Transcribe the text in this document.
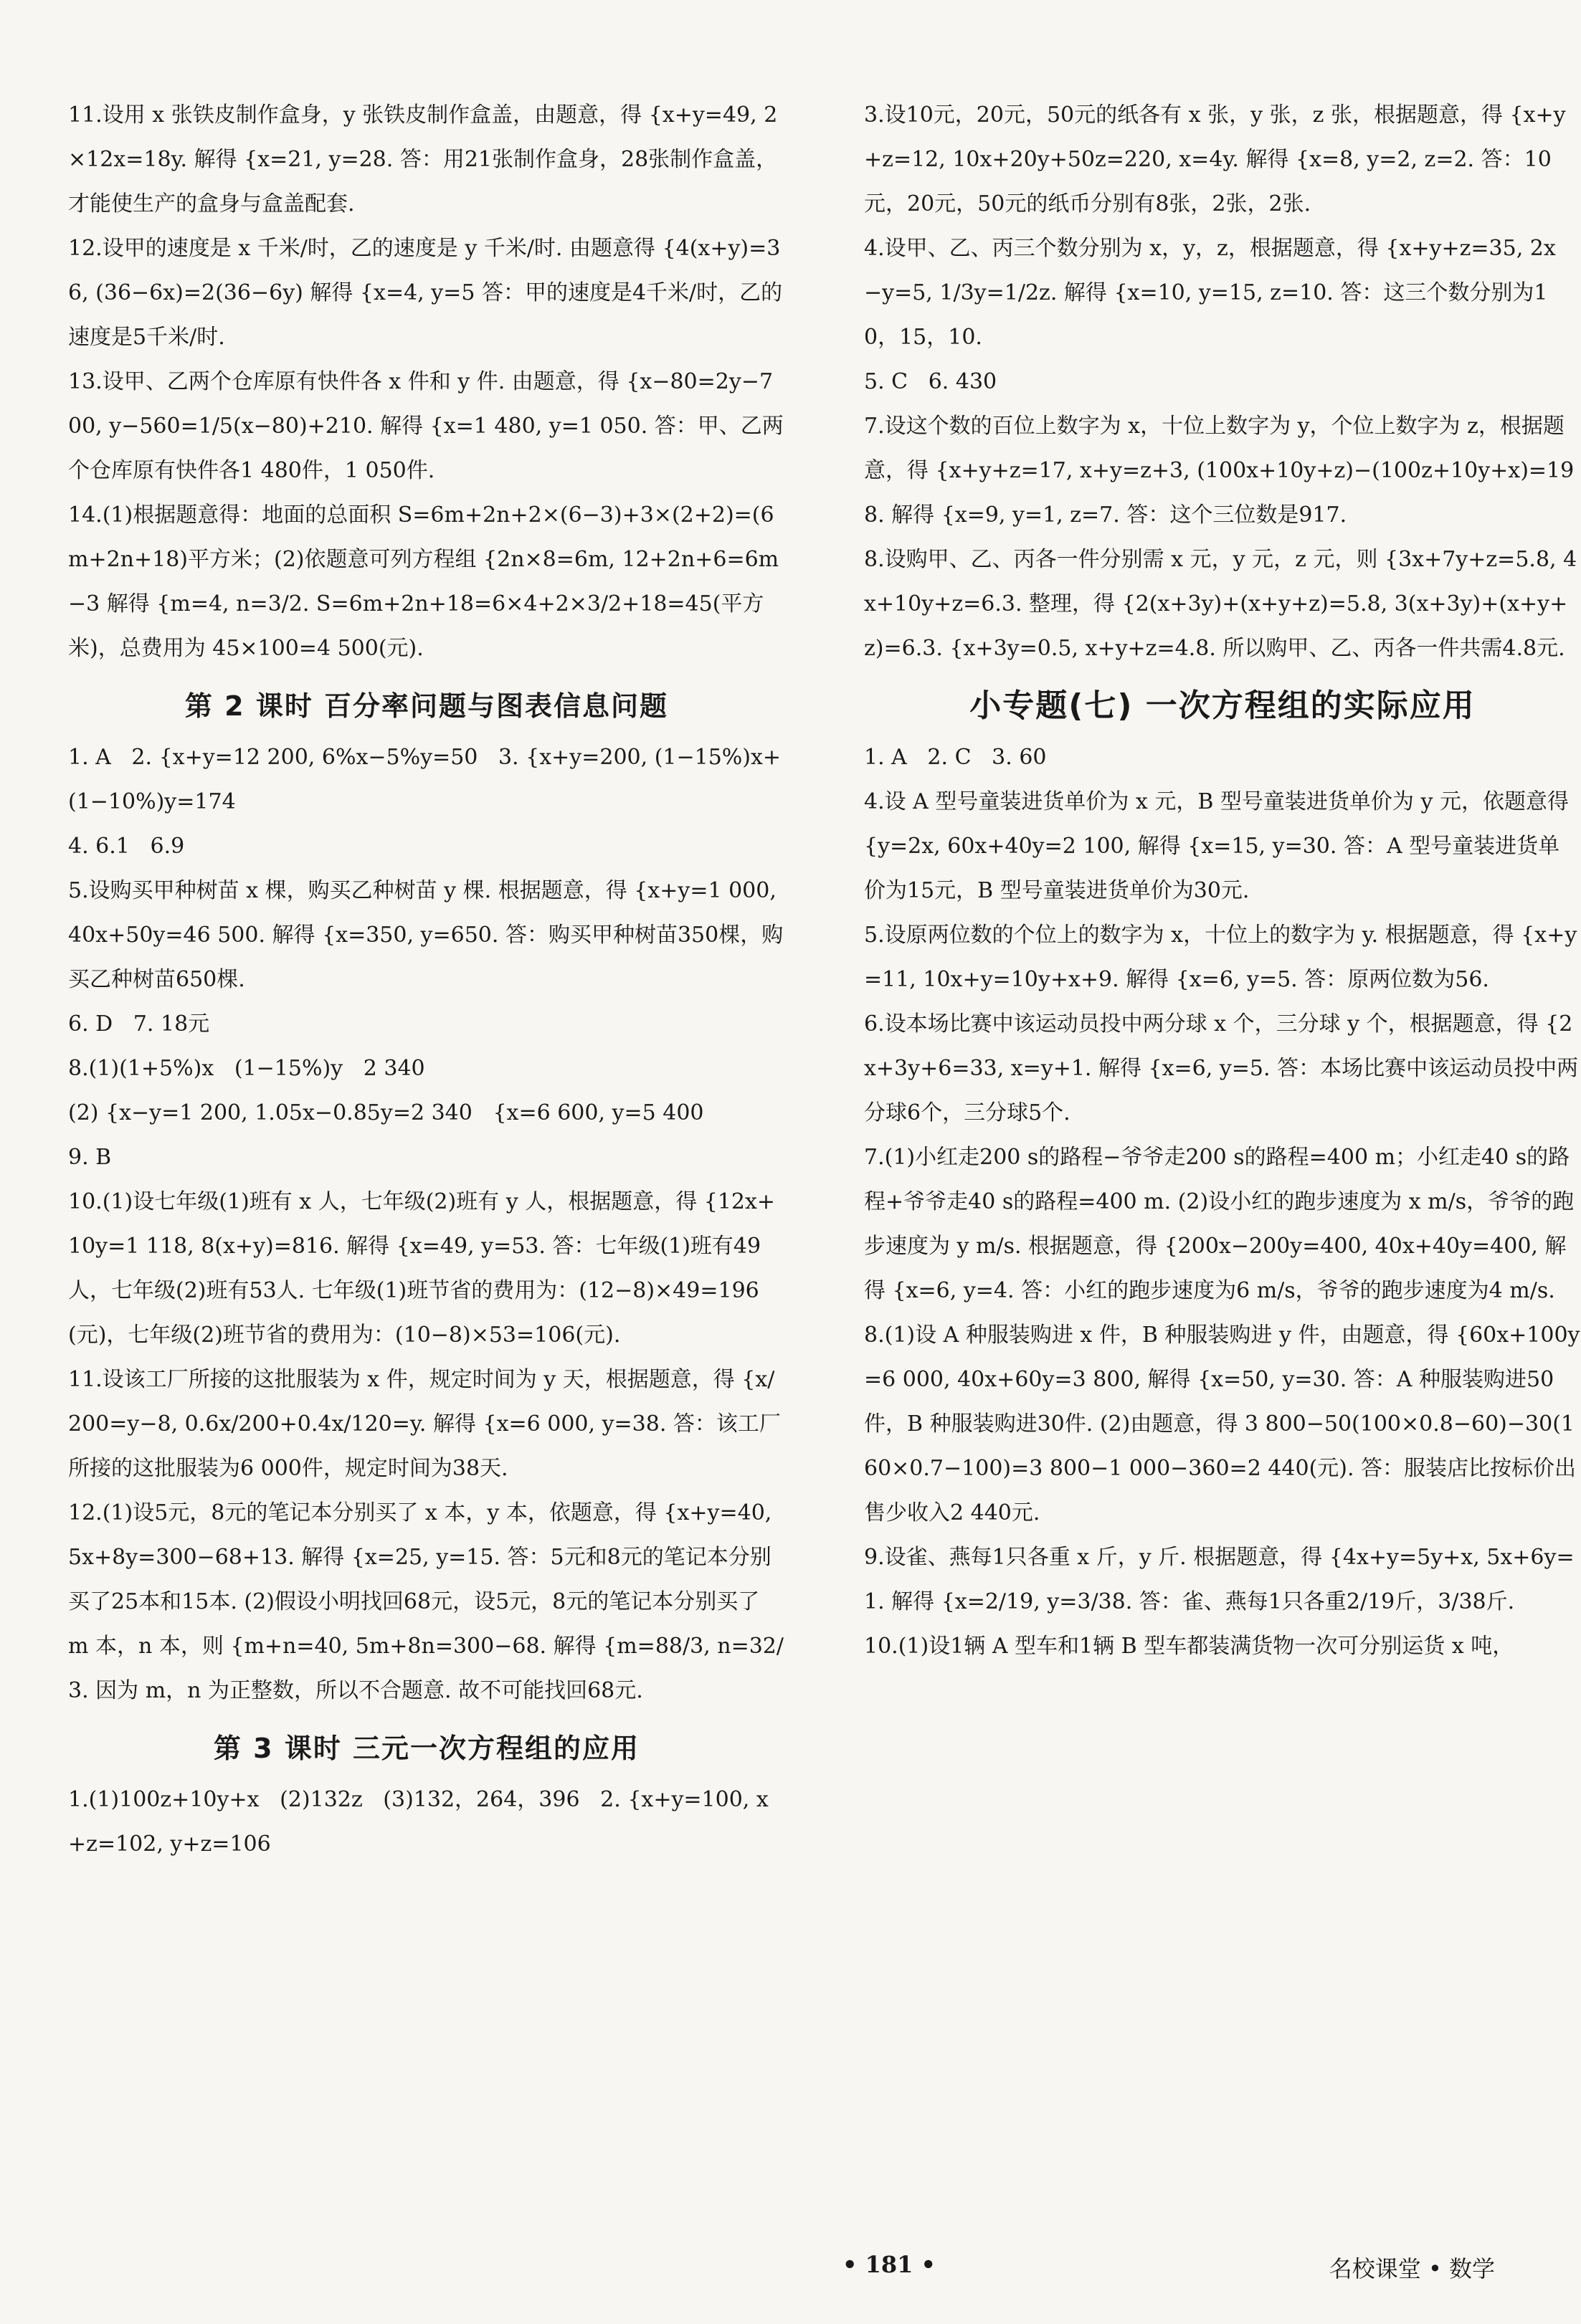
11.设用 x 张铁皮制作盒身，y 张铁皮制作盒盖，由题意，得 {x+y=49, 2×12x=18y. 解得 {x=21, y=28. 答：用21张制作盒身，28张制作盒盖，才能使生产的盒身与盒盖配套.

12.设甲的速度是 x 千米/时，乙的速度是 y 千米/时. 由题意得 {4(x+y)=36, (36−6x)=2(36−6y) 解得 {x=4, y=5 答：甲的速度是4千米/时，乙的速度是5千米/时.

13.设甲、乙两个仓库原有快件各 x 件和 y 件. 由题意，得 {x−80=2y−700, y−560=1/5(x−80)+210. 解得 {x=1 480, y=1 050. 答：甲、乙两个仓库原有快件各1 480件，1 050件.

14.(1)根据题意得：地面的总面积 S=6m+2n+2×(6−3)+3×(2+2)=(6m+2n+18)平方米；(2)依题意可列方程组 {2n×8=6m, 12+2n+6=6m−3 解得 {m=4, n=3/2. S=6m+2n+18=6×4+2×3/2+18=45(平方米)，总费用为 45×100=4 500(元).

第 2 课时 百分率问题与图表信息问题

1. A   2. {x+y=12 200, 6%x−5%y=50   3. {x+y=200, (1−15%)x+(1−10%)y=174

4. 6.1   6.9

5.设购买甲种树苗 x 棵，购买乙种树苗 y 棵. 根据题意，得 {x+y=1 000, 40x+50y=46 500. 解得 {x=350, y=650. 答：购买甲种树苗350棵，购买乙种树苗650棵.

6. D   7. 18元

8.(1)(1+5%)x   (1−15%)y   2 340

(2) {x−y=1 200, 1.05x−0.85y=2 340   {x=6 600, y=5 400

9. B

10.(1)设七年级(1)班有 x 人，七年级(2)班有 y 人，根据题意，得 {12x+10y=1 118, 8(x+y)=816. 解得 {x=49, y=53. 答：七年级(1)班有49人，七年级(2)班有53人. 七年级(1)班节省的费用为：(12−8)×49=196(元)，七年级(2)班节省的费用为：(10−8)×53=106(元).

11.设该工厂所接的这批服装为 x 件，规定时间为 y 天，根据题意，得 {x/200=y−8, 0.6x/200+0.4x/120=y. 解得 {x=6 000, y=38. 答：该工厂所接的这批服装为6 000件，规定时间为38天.

12.(1)设5元，8元的笔记本分别买了 x 本，y 本，依题意，得 {x+y=40, 5x+8y=300−68+13. 解得 {x=25, y=15. 答：5元和8元的笔记本分别买了25本和15本. (2)假设小明找回68元，设5元，8元的笔记本分别买了 m 本，n 本，则 {m+n=40, 5m+8n=300−68. 解得 {m=88/3, n=32/3. 因为 m，n 为正整数，所以不合题意. 故不可能找回68元.

第 3 课时 三元一次方程组的应用

1.(1)100z+10y+x   (2)132z   (3)132，264，396   2. {x+y=100, x+z=102, y+z=106

3.设10元，20元，50元的纸各有 x 张，y 张，z 张，根据题意，得 {x+y+z=12, 10x+20y+50z=220, x=4y. 解得 {x=8, y=2, z=2. 答：10元，20元，50元的纸币分别有8张，2张，2张.

4.设甲、乙、丙三个数分别为 x，y，z，根据题意，得 {x+y+z=35, 2x−y=5, 1/3y=1/2z. 解得 {x=10, y=15, z=10. 答：这三个数分别为10，15，10.

5. C   6. 430

7.设这个数的百位上数字为 x，十位上数字为 y，个位上数字为 z，根据题意，得 {x+y+z=17, x+y=z+3, (100x+10y+z)−(100z+10y+x)=198. 解得 {x=9, y=1, z=7. 答：这个三位数是917.

8.设购甲、乙、丙各一件分别需 x 元，y 元，z 元，则 {3x+7y+z=5.8, 4x+10y+z=6.3. 整理，得 {2(x+3y)+(x+y+z)=5.8, 3(x+3y)+(x+y+z)=6.3. {x+3y=0.5, x+y+z=4.8. 所以购甲、乙、丙各一件共需4.8元.

小专题(七) 一次方程组的实际应用

1. A   2. C   3. 60

4.设 A 型号童装进货单价为 x 元，B 型号童装进货单价为 y 元，依题意得 {y=2x, 60x+40y=2 100, 解得 {x=15, y=30. 答：A 型号童装进货单价为15元，B 型号童装进货单价为30元.

5.设原两位数的个位上的数字为 x，十位上的数字为 y. 根据题意，得 {x+y=11, 10x+y=10y+x+9. 解得 {x=6, y=5. 答：原两位数为56.

6.设本场比赛中该运动员投中两分球 x 个，三分球 y 个，根据题意，得 {2x+3y+6=33, x=y+1. 解得 {x=6, y=5. 答：本场比赛中该运动员投中两分球6个，三分球5个.

7.(1)小红走200 s的路程−爷爷走200 s的路程=400 m；小红走40 s的路程+爷爷走40 s的路程=400 m. (2)设小红的跑步速度为 x m/s，爷爷的跑步速度为 y m/s. 根据题意，得 {200x−200y=400, 40x+40y=400, 解得 {x=6, y=4. 答：小红的跑步速度为6 m/s，爷爷的跑步速度为4 m/s.

8.(1)设 A 种服装购进 x 件，B 种服装购进 y 件，由题意，得 {60x+100y=6 000, 40x+60y=3 800, 解得 {x=50, y=30. 答：A 种服装购进50件，B 种服装购进30件. (2)由题意，得 3 800−50(100×0.8−60)−30(160×0.7−100)=3 800−1 000−360=2 440(元). 答：服装店比按标价出售少收入2 440元.

9.设雀、燕每1只各重 x 斤，y 斤. 根据题意，得 {4x+y=5y+x, 5x+6y=1. 解得 {x=2/19, y=3/38. 答：雀、燕每1只各重2/19斤，3/38斤.

10.(1)设1辆 A 型车和1辆 B 型车都装满货物一次可分别运货 x 吨，

• 181 •	名校课堂 • 数学
